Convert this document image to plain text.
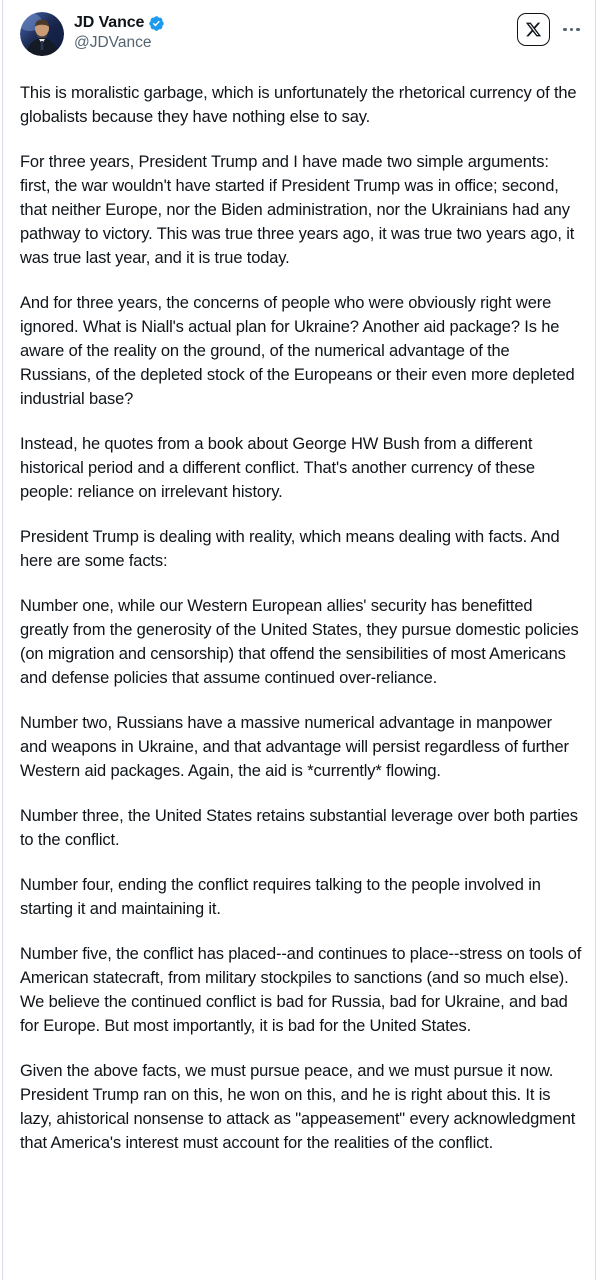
JD Vance
@JDVance

This is moralistic garbage, which is unfortunately the rhetorical currency of the globalists because they have nothing else to say.

For three years, President Trump and I have made two simple arguments: first, the war wouldn't have started if President Trump was in office; second, that neither Europe, nor the Biden administration, nor the Ukrainians had any pathway to victory. This was true three years ago, it was true two years ago, it was true last year, and it is true today.

And for three years, the concerns of people who were obviously right were ignored. What is Niall's actual plan for Ukraine? Another aid package? Is he aware of the reality on the ground, of the numerical advantage of the Russians, of the depleted stock of the Europeans or their even more depleted industrial base?

Instead, he quotes from a book about George HW Bush from a different historical period and a different conflict. That's another currency of these people: reliance on irrelevant history.

President Trump is dealing with reality, which means dealing with facts. And here are some facts:

Number one, while our Western European allies' security has benefitted greatly from the generosity of the United States, they pursue domestic policies (on migration and censorship) that offend the sensibilities of most Americans and defense policies that assume continued over-reliance.

Number two, Russians have a massive numerical advantage in manpower and weapons in Ukraine, and that advantage will persist regardless of further Western aid packages. Again, the aid is *currently* flowing.

Number three, the United States retains substantial leverage over both parties to the conflict.

Number four, ending the conflict requires talking to the people involved in starting it and maintaining it.

Number five, the conflict has placed--and continues to place--stress on tools of American statecraft, from military stockpiles to sanctions (and so much else). We believe the continued conflict is bad for Russia, bad for Ukraine, and bad for Europe. But most importantly, it is bad for the United States.

Given the above facts, we must pursue peace, and we must pursue it now. President Trump ran on this, he won on this, and he is right about this. It is lazy, ahistorical nonsense to attack as "appeasement" every acknowledgment that America's interest must account for the realities of the conflict.
